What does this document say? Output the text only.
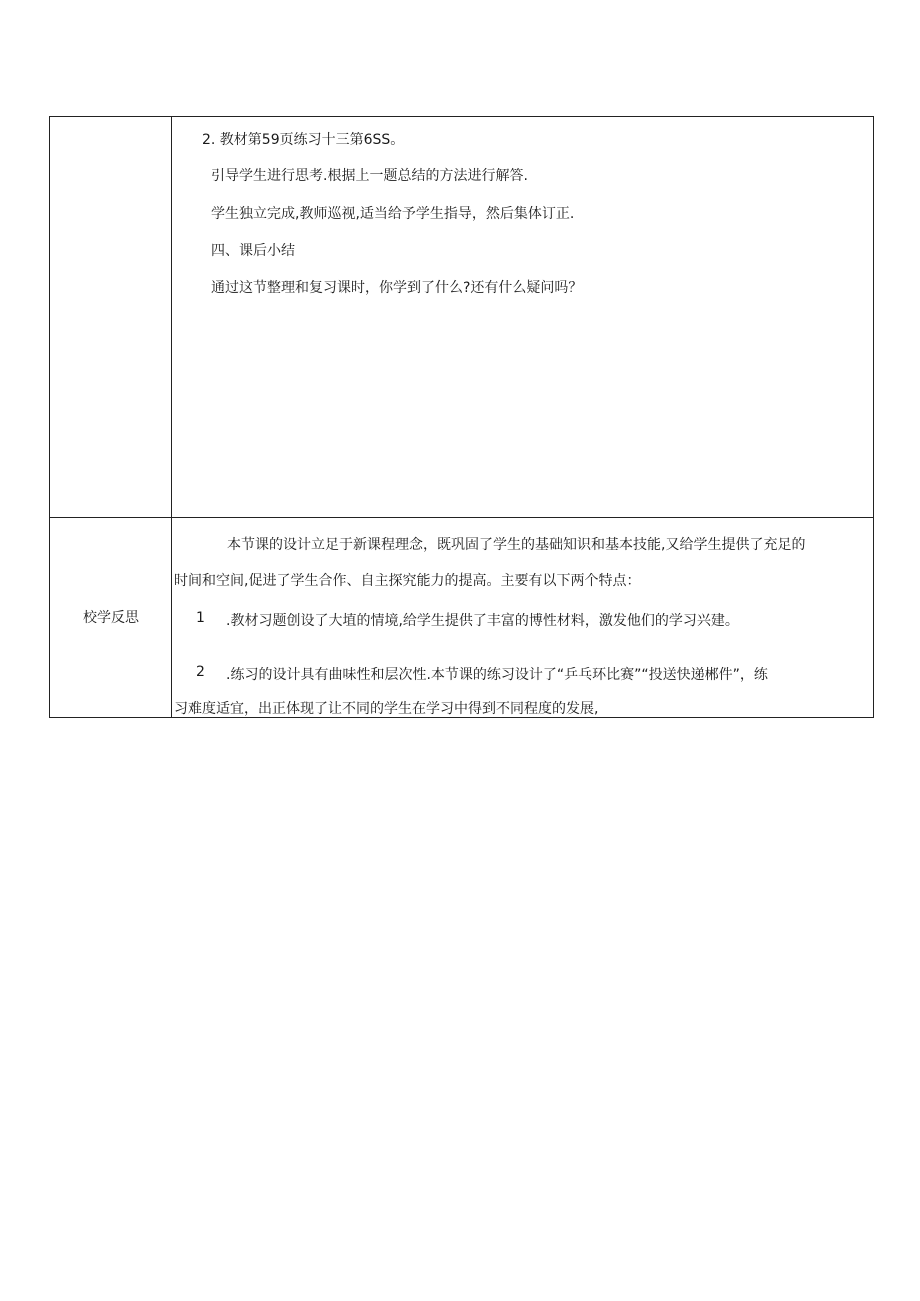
2. 教材第59页练习十三第6SS。
引导学生进行思考.根据上一题总结的方法进行解答.
学生独立完成,教师巡视,适当给予学生指导，然后集体订正.
四、课后小结
通过这节整理和复习课时，你学到了什么?还有什么疑问吗？
校学反思
本节课的设计立足于新课程理念，既巩固了学生的基础知识和基本技能,又给学生提供了充足的
时间和空间,促进了学生合作、自主探究能力的提高。主要有以下两个特点：
1 .教材习题创设了大埴的情境,给学生提供了丰富的博性材料，激发他们的学习兴建。
2 .练习的设计具有曲味性和层次性.本节课的练习设计了“乒乓环比赛”“投送快递郴件”，练
习难度适宜，出正体现了让不同的学生在学习中得到不同程度的发展,
